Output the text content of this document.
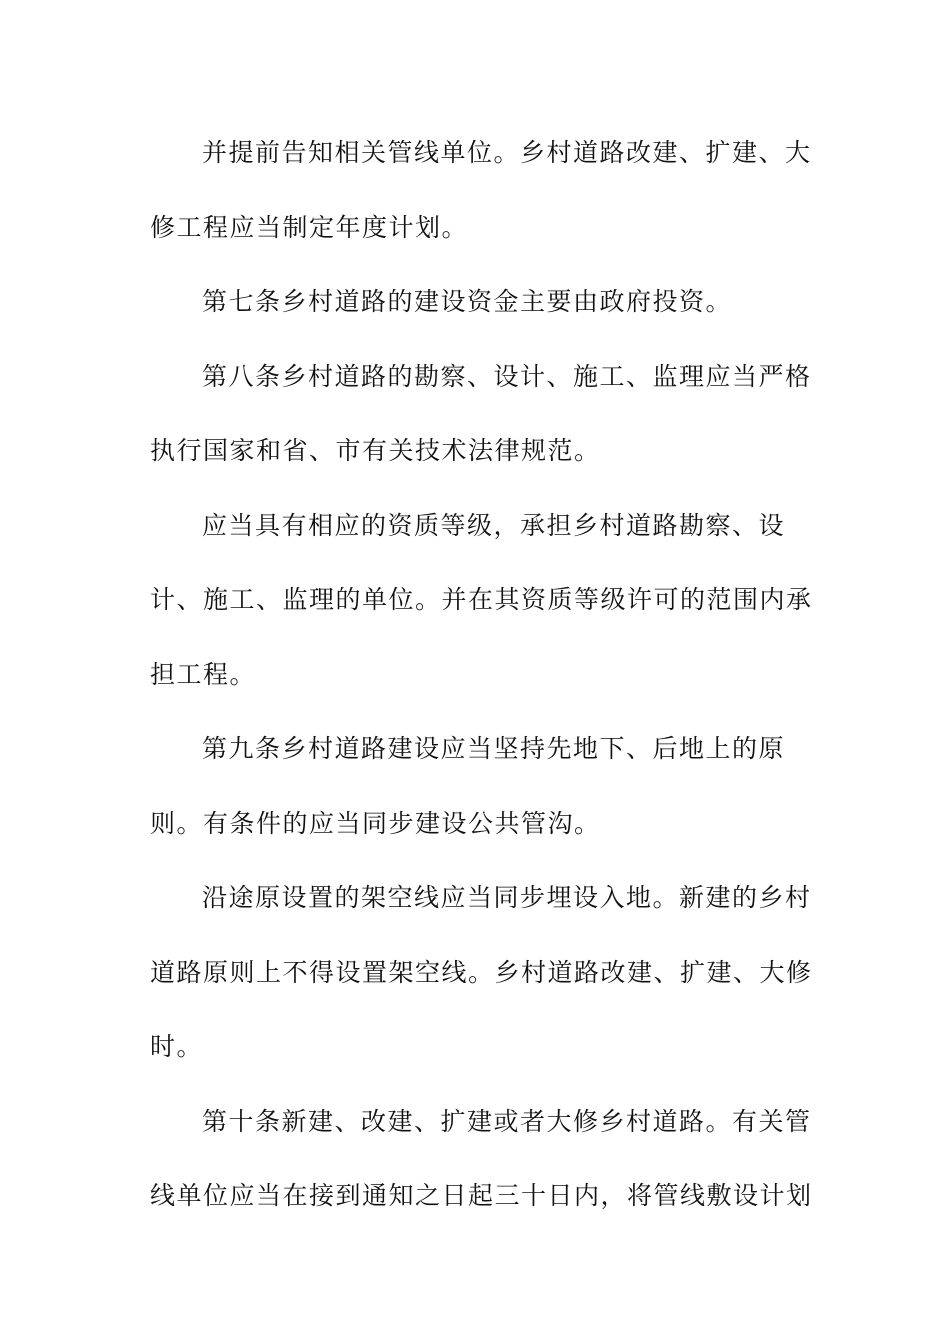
并提前告知相关管线单位。乡村道路改建、扩建、大
修工程应当制定年度计划。
第七条乡村道路的建设资金主要由政府投资。
第八条乡村道路的勘察、设计、施工、监理应当严格
执行国家和省、市有关技术法律规范。
应当具有相应的资质等级，承担乡村道路勘察、设
计、施工、监理的单位。并在其资质等级许可的范围内承
担工程。
第九条乡村道路建设应当坚持先地下、后地上的原
则。有条件的应当同步建设公共管沟。
沿途原设置的架空线应当同步埋设入地。新建的乡村
道路原则上不得设置架空线。乡村道路改建、扩建、大修
时。
第十条新建、改建、扩建或者大修乡村道路。有关管
线单位应当在接到通知之日起三十日内，将管线敷设计划
